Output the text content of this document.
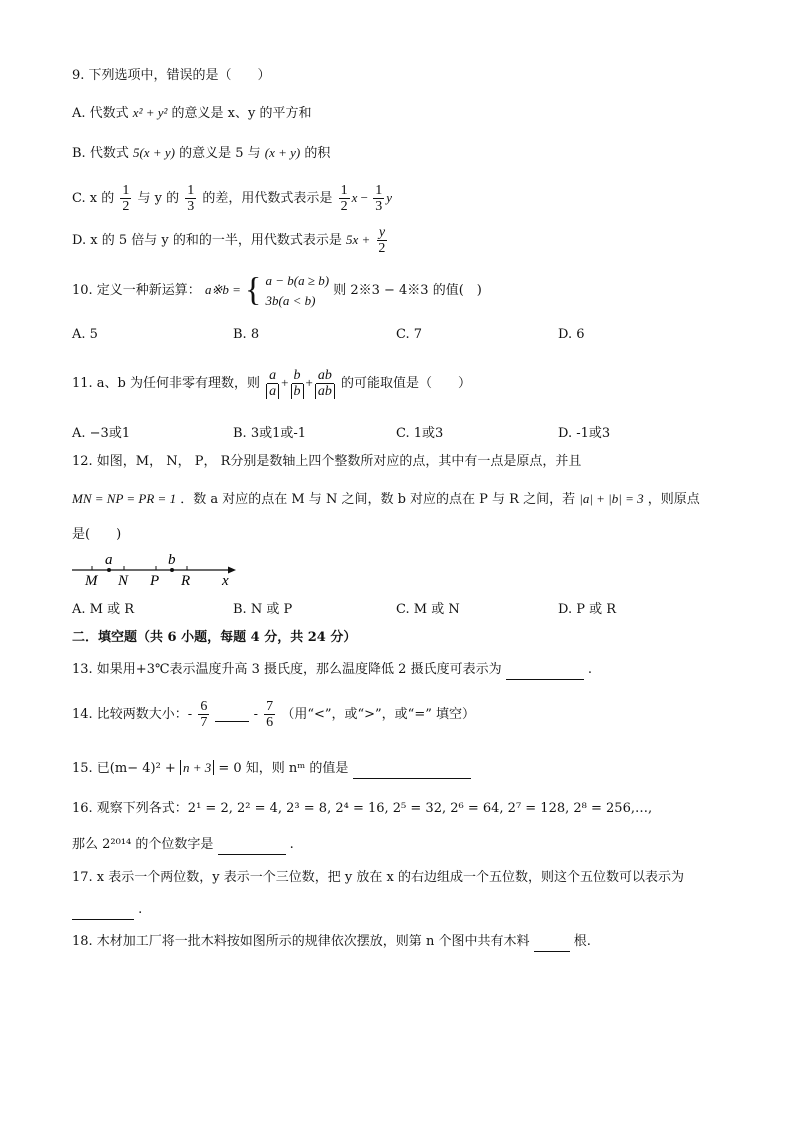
9. 下列选项中，错误的是（　　）
A. 代数式 x² + y² 的意义是 x、y 的平方和
B. 代数式 5(x + y) 的意义是 5 与 (x + y) 的积
C. x 的 $\frac{1}{2}$ 与 y 的 $\frac{1}{3}$ 的差，用代数式表示是 $\frac{1}{2}$ $x - \frac{1}{3}$ y
D. x 的 5 倍与 y 的和的一半，用代数式表示是 $5x + \frac{y}{2}$
10. 定义一种新运算： a※b = { a − b(a ≥ b)
3b(a < b)
则 2※3 − 4※3 的值(　)
A. 5	B. 8	C. 7	D. 6
11. a、b 为任何非零有理数，则 $\frac{a}{a} + \frac{b}{b} + \frac{ab}{ab}$ 的可能取值是（　　）
A. −3或1	B. 3或1或-1	C. 1或3	D. -1或3
12. 如图，M， N， P， R分别是数轴上四个整数所对应的点，其中有一点是原点，并且
MN = NP = PR = 1 ．数 a 对应的点在 M 与 N 之间，数 b 对应的点在 P 与 R 之间，若 |a| + |b| = 3 ，则原点
是(　　)
a	b
M N P R x
A. M 或 R	B. N 或 P	C. M 或 N	D. P 或 R
二．填空题（共 6 小题，每题 4 分，共 24 分）
13. 如果用+3℃表示温度升高 3 摄氏度，那么温度降低 2 摄氏度可表示为	.
14. 比较两数大小：- $\frac{6}{7}$	- $\frac{7}{6}$ （用“<”，或“>”，或“=” 填空）
15. 已(m− 4)² + n + 3 = 0 知，则 nᵐ 的值是
16. 观察下列各式：2¹ = 2, 2² = 4, 2³ = 8, 2⁴ = 16, 2⁵ = 32, 2⁶ = 64, 2⁷ = 128, 2⁸ = 256,…,
那么 2²⁰¹⁴ 的个位数字是	.
17. x 表示一个两位数，y 表示一个三位数，把 y 放在 x 的右边组成一个五位数，则这个五位数可以表示为
.
18. 木材加工厂将一批木料按如图所示的规律依次摆放，则第 n 个图中共有木料	根.
